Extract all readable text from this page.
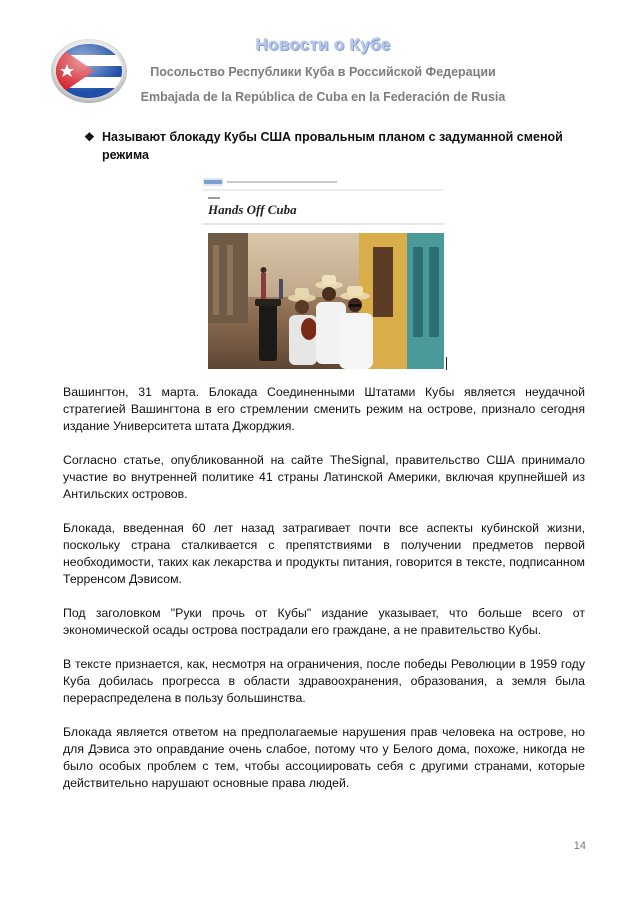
Новости о Кубе
Посольство Республики Куба в Российской Федерации
Embajada de la República de Cuba en la Federación de Rusia
❖ Называют блокаду Кубы США провальным планом с задуманной сменой режима
Hands Off Cuba

Вашингтон, 31 марта. Блокада Соединенными Штатами Кубы является неудачной стратегией Вашингтона в его стремлении сменить режим на острове, признало сегодня издание Университета штата Джорджия.

Согласно статье, опубликованной на сайте TheSignal, правительство США принимало участие во внутренней политике 41 страны Латинской Америки, включая крупнейшей из Антильских островов.

Блокада, введенная 60 лет назад затрагивает почти все аспекты кубинской жизни, поскольку страна сталкивается с препятствиями в получении предметов первой необходимости, таких как лекарства и продукты питания, говорится в тексте, подписанном Терренсом Дэвисом.

Под заголовком "Руки прочь от Кубы" издание указывает, что больше всего от экономической осады острова пострадали его граждане, а не правительство Кубы.

В тексте признается, как, несмотря на ограничения, после победы Революции в 1959 году Куба добилась прогресса в области здравоохранения, образования, а земля была перераспределена в пользу большинства.

Блокада является ответом на предполагаемые нарушения прав человека на острове, но для Дэвиса это оправдание очень слабое, потому что у Белого дома, похоже, никогда не было особых проблем с тем, чтобы ассоциировать себя с другими странами, которые действительно нарушают основные права людей.

14
